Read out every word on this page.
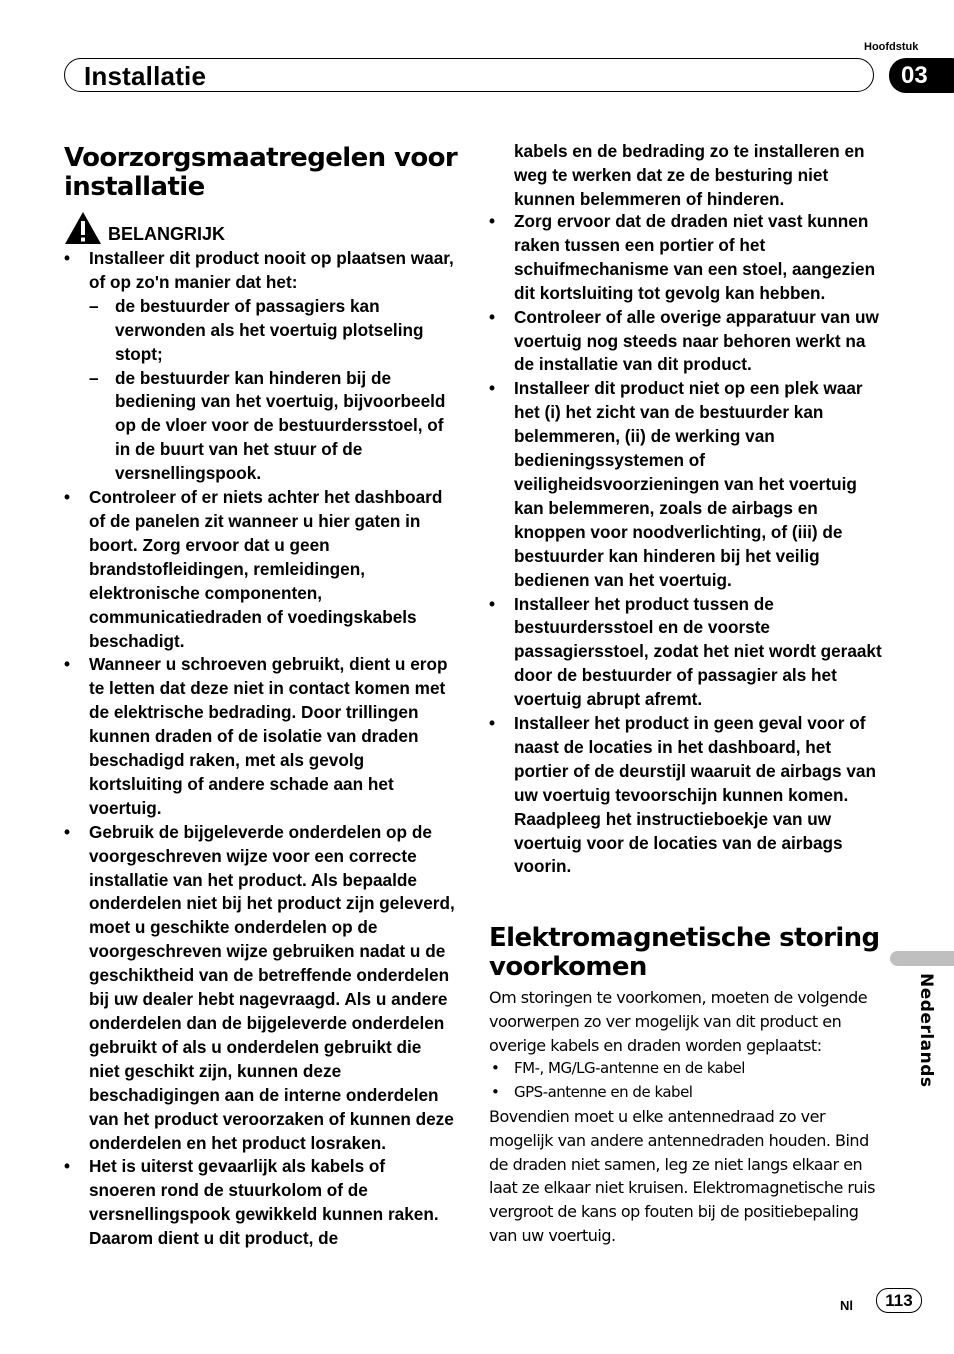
Hoofdstuk
Installatie	03
Voorzorgsmaatregelen voor installatie
BELANGRIJK
• Installeer dit product nooit op plaatsen waar, of op zo'n manier dat het:
– de bestuurder of passagiers kan verwonden als het voertuig plotseling stopt;
– de bestuurder kan hinderen bij de bediening van het voertuig, bijvoorbeeld op de vloer voor de bestuurdersstoel, of in de buurt van het stuur of de versnellingspook.
• Controleer of er niets achter het dashboard of de panelen zit wanneer u hier gaten in boort. Zorg ervoor dat u geen brandstofleidingen, remleidingen, elektronische componenten, communicatiedraden of voedingskabels beschadigt.
• Wanneer u schroeven gebruikt, dient u erop te letten dat deze niet in contact komen met de elektrische bedrading. Door trillingen kunnen draden of de isolatie van draden beschadigd raken, met als gevolg kortsluiting of andere schade aan het voertuig.
• Gebruik de bijgeleverde onderdelen op de voorgeschreven wijze voor een correcte installatie van het product. Als bepaalde onderdelen niet bij het product zijn geleverd, moet u geschikte onderdelen op de voorgeschreven wijze gebruiken nadat u de geschiktheid van de betreffende onderdelen bij uw dealer hebt nagevraagd. Als u andere onderdelen dan de bijgeleverde onderdelen gebruikt of als u onderdelen gebruikt die niet geschikt zijn, kunnen deze beschadigingen aan de interne onderdelen van het product veroorzaken of kunnen deze onderdelen en het product losraken.
• Het is uiterst gevaarlijk als kabels of snoeren rond de stuurkolom of de versnellingspook gewikkeld kunnen raken. Daarom dient u dit product, de
kabels en de bedrading zo te installeren en weg te werken dat ze de besturing niet kunnen belemmeren of hinderen.
• Zorg ervoor dat de draden niet vast kunnen raken tussen een portier of het schuifmechanisme van een stoel, aangezien dit kortsluiting tot gevolg kan hebben.
• Controleer of alle overige apparatuur van uw voertuig nog steeds naar behoren werkt na de installatie van dit product.
• Installeer dit product niet op een plek waar het (i) het zicht van de bestuurder kan belemmeren, (ii) de werking van bedieningssystemen of veiligheidsvoorzieningen van het voertuig kan belemmeren, zoals de airbags en knoppen voor noodverlichting, of (iii) de bestuurder kan hinderen bij het veilig bedienen van het voertuig.
• Installeer het product tussen de bestuurdersstoel en de voorste passagiersstoel, zodat het niet wordt geraakt door de bestuurder of passagier als het voertuig abrupt afremt.
• Installeer het product in geen geval voor of naast de locaties in het dashboard, het portier of de deurstijl waaruit de airbags van uw voertuig tevoorschijn kunnen komen. Raadpleeg het instructieboekje van uw voertuig voor de locaties van de airbags voorin.
Elektromagnetische storing voorkomen
Om storingen te voorkomen, moeten de volgende voorwerpen zo ver mogelijk van dit product en overige kabels en draden worden geplaatst:
• FM-, MG/LG-antenne en de kabel
• GPS-antenne en de kabel
Bovendien moet u elke antennedraad zo ver mogelijk van andere antennedraden houden. Bind de draden niet samen, leg ze niet langs elkaar en laat ze elkaar niet kruisen. Elektromagnetische ruis vergroot de kans op fouten bij de positiebepaling van uw voertuig.
Nederlands
Nl	113
